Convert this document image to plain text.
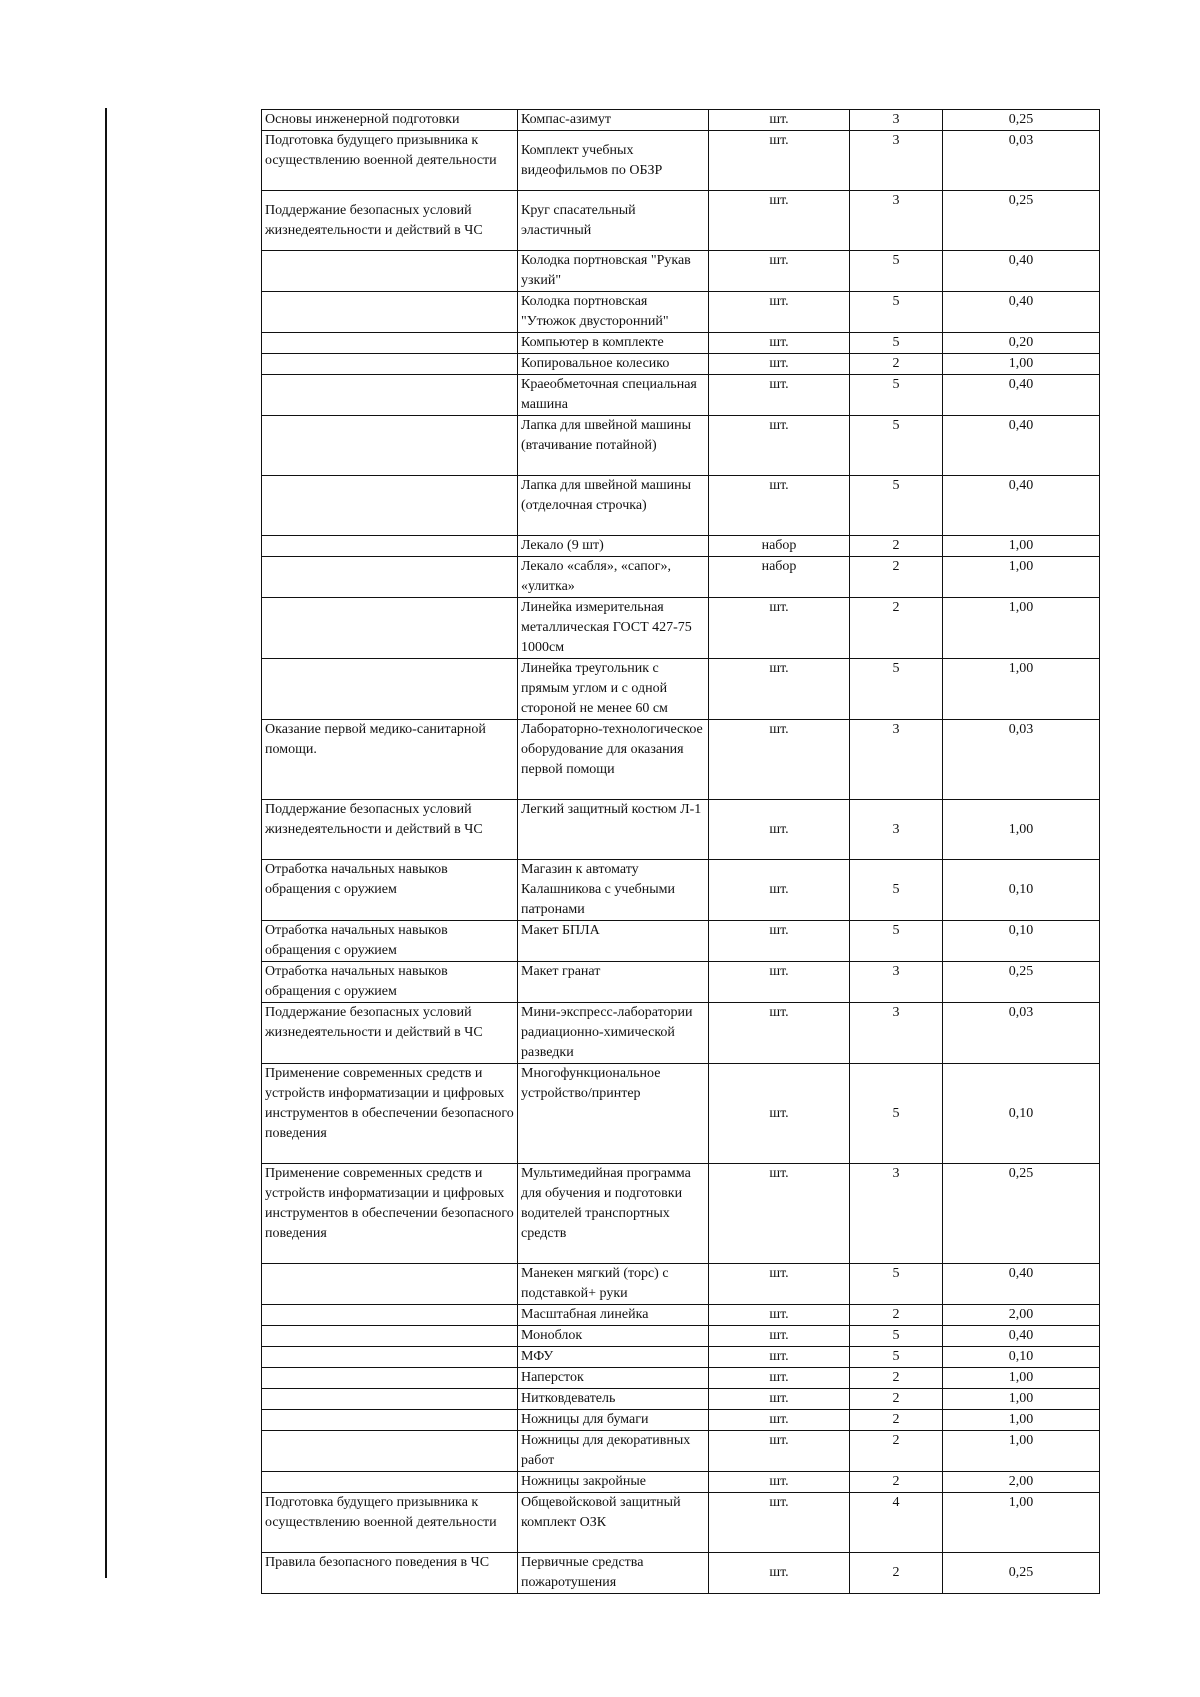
Основы инженерной подготовки	Компас-азимут	шт.	3	0,25
Подготовка будущего призывника к осуществлению военной деятельности	Комплект учебных видеофильмов по ОБЗР	шт.	3	0,03
Поддержание безопасных условий жизнедеятельности и действий в ЧС	Круг спасательный эластичный	шт.	3	0,25
	Колодка портновская "Рукав узкий"	шт.	5	0,40
	Колодка портновская "Утюжок двусторонний"	шт.	5	0,40
	Компьютер в комплекте	шт.	5	0,20
	Копировальное колесико	шт.	2	1,00
	Краеобметочная специальная машина	шт.	5	0,40
	Лапка для швейной машины (втачивание потайной)	шт.	5	0,40
	Лапка для швейной машины (отделочная строчка)	шт.	5	0,40
	Лекало (9 шт)	набор	2	1,00
	Лекало «сабля», «сапог», «улитка»	набор	2	1,00
	Линейка измерительная металлическая ГОСТ 427-75 1000см	шт.	2	1,00
	Линейка треугольник с прямым углом и с одной стороной не менее 60 см	шт.	5	1,00
Оказание первой медико-санитарной помощи.	Лабораторно-технологическое оборудование для оказания первой помощи	шт.	3	0,03
Поддержание безопасных условий жизнедеятельности и действий в ЧС	Легкий защитный костюм Л-1	шт.	3	1,00
Отработка начальных навыков обращения с оружием	Магазин к автомату Калашникова с учебными патронами	шт.	5	0,10
Отработка начальных навыков обращения с оружием	Макет БПЛА	шт.	5	0,10
Отработка начальных навыков обращения с оружием	Макет гранат	шт.	3	0,25
Поддержание безопасных условий жизнедеятельности и действий в ЧС	Мини-экспресс-лаборатории радиационно-химической разведки	шт.	3	0,03
Применение современных средств и устройств информатизации и цифровых инструментов в обеспечении безопасного поведения	Многофункциональное устройство/принтер	шт.	5	0,10
Применение современных средств и устройств информатизации и цифровых инструментов в обеспечении безопасного поведения	Мультимедийная программа для обучения и подготовки водителей транспортных средств	шт.	3	0,25
	Манекен мягкий (торс) с подставкой+ руки	шт.	5	0,40
	Масштабная линейка	шт.	2	2,00
	Моноблок	шт.	5	0,40
	МФУ	шт.	5	0,10
	Наперсток	шт.	2	1,00
	Нитковдеватель	шт.	2	1,00
	Ножницы для бумаги	шт.	2	1,00
	Ножницы для декоративных работ	шт.	2	1,00
	Ножницы закройные	шт.	2	2,00
Подготовка будущего призывника к осуществлению военной деятельности	Общевойсковой защитный комплект ОЗК	шт.	4	1,00
Правила безопасного поведения в ЧС	Первичные средства пожаротушения	шт.	2	0,25
